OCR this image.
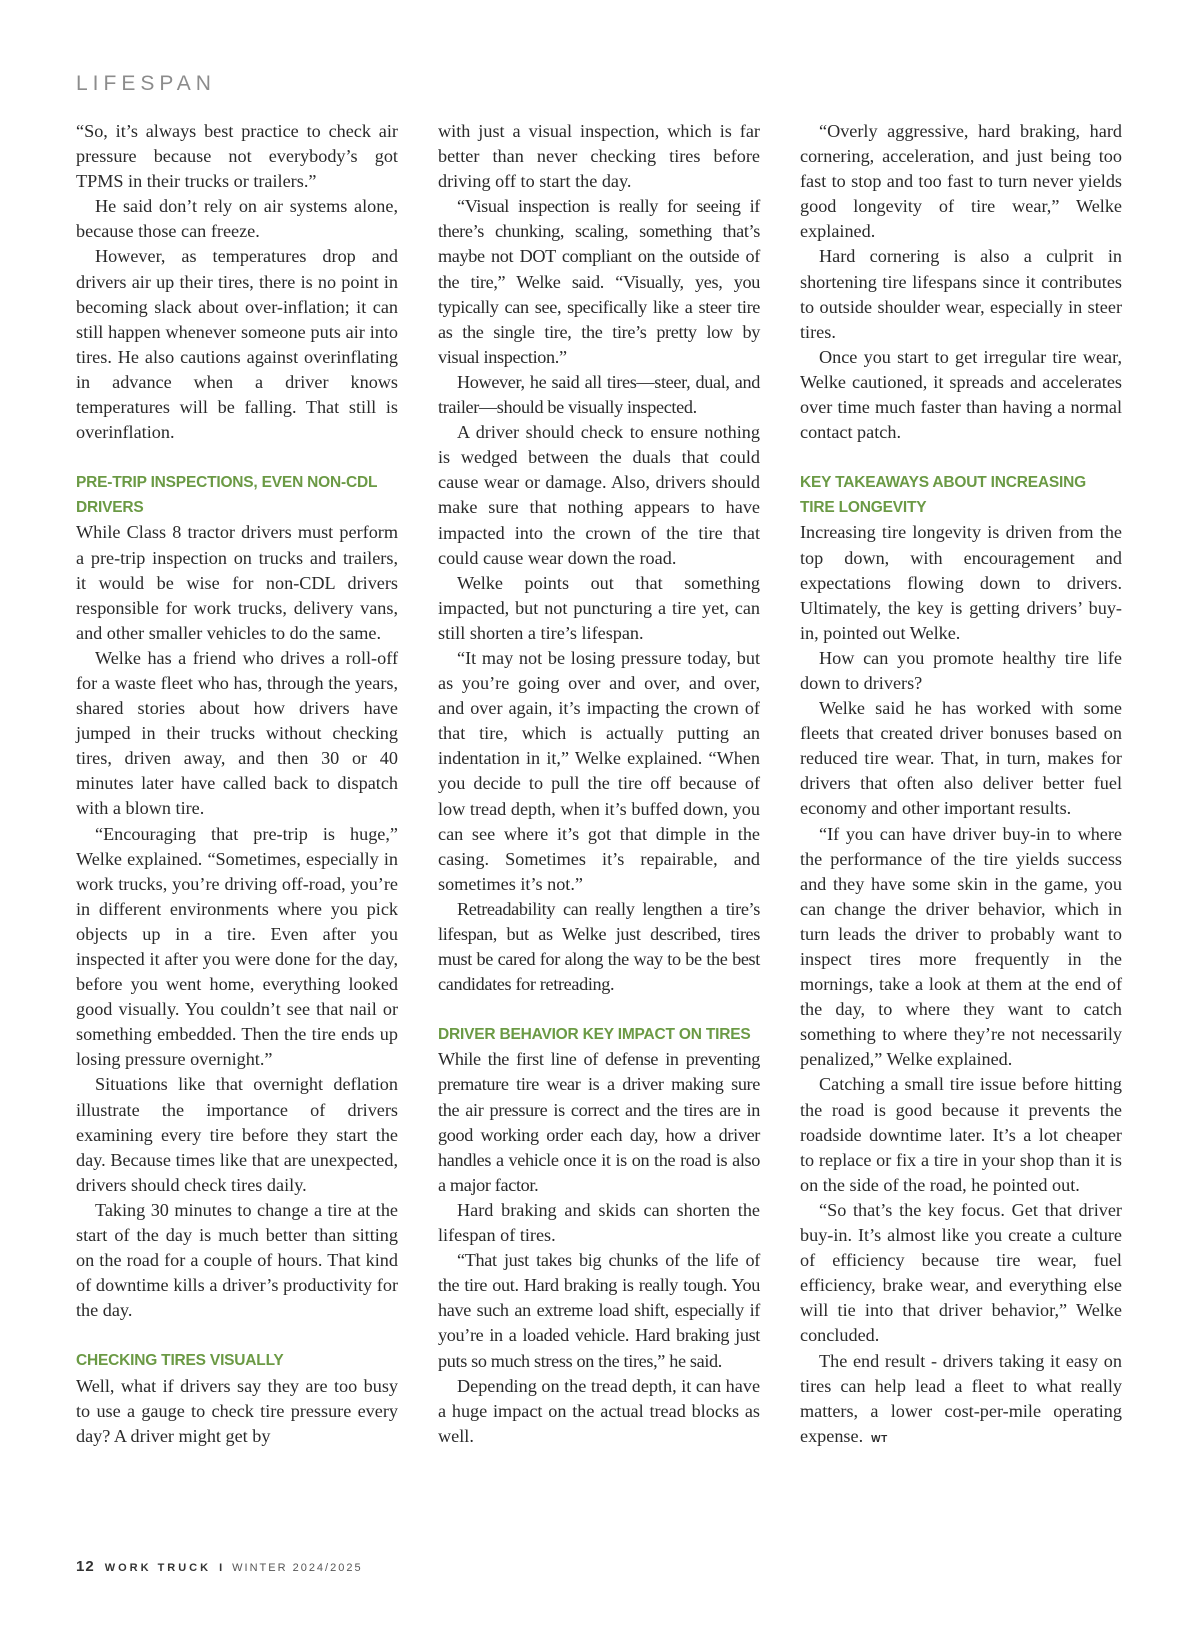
LIFESPAN

“So, it’s always best practice to check air pressure because not everybody’s got TPMS in their trucks or trailers.”

He said don’t rely on air systems alone, because those can freeze.

However, as temperatures drop and drivers air up their tires, there is no point in becoming slack about over-inflation; it can still happen whenever someone puts air into tires. He also cautions against overinflating in advance when a driver knows temperatures will be falling. That still is overinflation.

PRE-TRIP INSPECTIONS, EVEN NON-CDL DRIVERS

While Class 8 tractor drivers must perform a pre-trip inspection on trucks and trailers, it would be wise for non-CDL drivers responsible for work trucks, delivery vans, and other smaller vehicles to do the same.

Welke has a friend who drives a roll-off for a waste fleet who has, through the years, shared stories about how drivers have jumped in their trucks without checking tires, driven away, and then 30 or 40 minutes later have called back to dispatch with a blown tire.

“Encouraging that pre-trip is huge,” Welke explained. “Sometimes, especially in work trucks, you’re driving off-road, you’re in different environments where you pick objects up in a tire. Even after you inspected it after you were done for the day, before you went home, everything looked good visually. You couldn’t see that nail or something embedded. Then the tire ends up losing pressure overnight.”

Situations like that overnight deflation illustrate the importance of drivers examining every tire before they start the day. Because times like that are unexpected, drivers should check tires daily.

Taking 30 minutes to change a tire at the start of the day is much better than sitting on the road for a couple of hours. That kind of downtime kills a driver’s productivity for the day.

CHECKING TIRES VISUALLY

Well, what if drivers say they are too busy to use a gauge to check tire pressure every day? A driver might get by

with just a visual inspection, which is far better than never checking tires before driving off to start the day.

“Visual inspection is really for seeing if there’s chunking, scaling, something that’s maybe not DOT compliant on the outside of the tire,” Welke said. “Visually, yes, you typically can see, specifically like a steer tire as the single tire, the tire’s pretty low by visual inspection.”

However, he said all tires—steer, dual, and trailer—should be visually inspected.

A driver should check to ensure nothing is wedged between the duals that could cause wear or damage. Also, drivers should make sure that nothing appears to have impacted into the crown of the tire that could cause wear down the road.

Welke points out that something impacted, but not puncturing a tire yet, can still shorten a tire’s lifespan.

“It may not be losing pressure today, but as you’re going over and over, and over, and over again, it’s impacting the crown of that tire, which is actually putting an indentation in it,” Welke explained. “When you decide to pull the tire off because of low tread depth, when it’s buffed down, you can see where it’s got that dimple in the casing. Sometimes it’s repairable, and sometimes it’s not.”

Retreadability can really lengthen a tire’s lifespan, but as Welke just described, tires must be cared for along the way to be the best candidates for retreading.

DRIVER BEHAVIOR KEY IMPACT ON TIRES

While the first line of defense in preventing premature tire wear is a driver making sure the air pressure is correct and the tires are in good working order each day, how a driver handles a vehicle once it is on the road is also a major factor.

Hard braking and skids can shorten the lifespan of tires.

“That just takes big chunks of the life of the tire out. Hard braking is really tough. You have such an extreme load shift, especially if you’re in a loaded vehicle. Hard braking just puts so much stress on the tires,” he said.

Depending on the tread depth, it can have a huge impact on the actual tread blocks as well.

“Overly aggressive, hard braking, hard cornering, acceleration, and just being too fast to stop and too fast to turn never yields good longevity of tire wear,” Welke explained.

Hard cornering is also a culprit in shortening tire lifespans since it contributes to outside shoulder wear, especially in steer tires.

Once you start to get irregular tire wear, Welke cautioned, it spreads and accelerates over time much faster than having a normal contact patch.

KEY TAKEAWAYS ABOUT INCREASING TIRE LONGEVITY

Increasing tire longevity is driven from the top down, with encouragement and expectations flowing down to drivers. Ultimately, the key is getting drivers’ buy-in, pointed out Welke.

How can you promote healthy tire life down to drivers?

Welke said he has worked with some fleets that created driver bonuses based on reduced tire wear. That, in turn, makes for drivers that often also deliver better fuel economy and other important results.

“If you can have driver buy-in to where the performance of the tire yields success and they have some skin in the game, you can change the driver behavior, which in turn leads the driver to probably want to inspect tires more frequently in the mornings, take a look at them at the end of the day, to where they want to catch something to where they’re not necessarily penalized,” Welke explained.

Catching a small tire issue before hitting the road is good because it prevents the roadside downtime later. It’s a lot cheaper to replace or fix a tire in your shop than it is on the side of the road, he pointed out.

“So that’s the key focus. Get that driver buy-in. It’s almost like you create a culture of efficiency because tire wear, fuel efficiency, brake wear, and everything else will tie into that driver behavior,” Welke concluded.

The end result - drivers taking it easy on tires can help lead a fleet to what really matters, a lower cost-per-mile operating expense. WT

12 WORK TRUCK I WINTER 2024/2025
